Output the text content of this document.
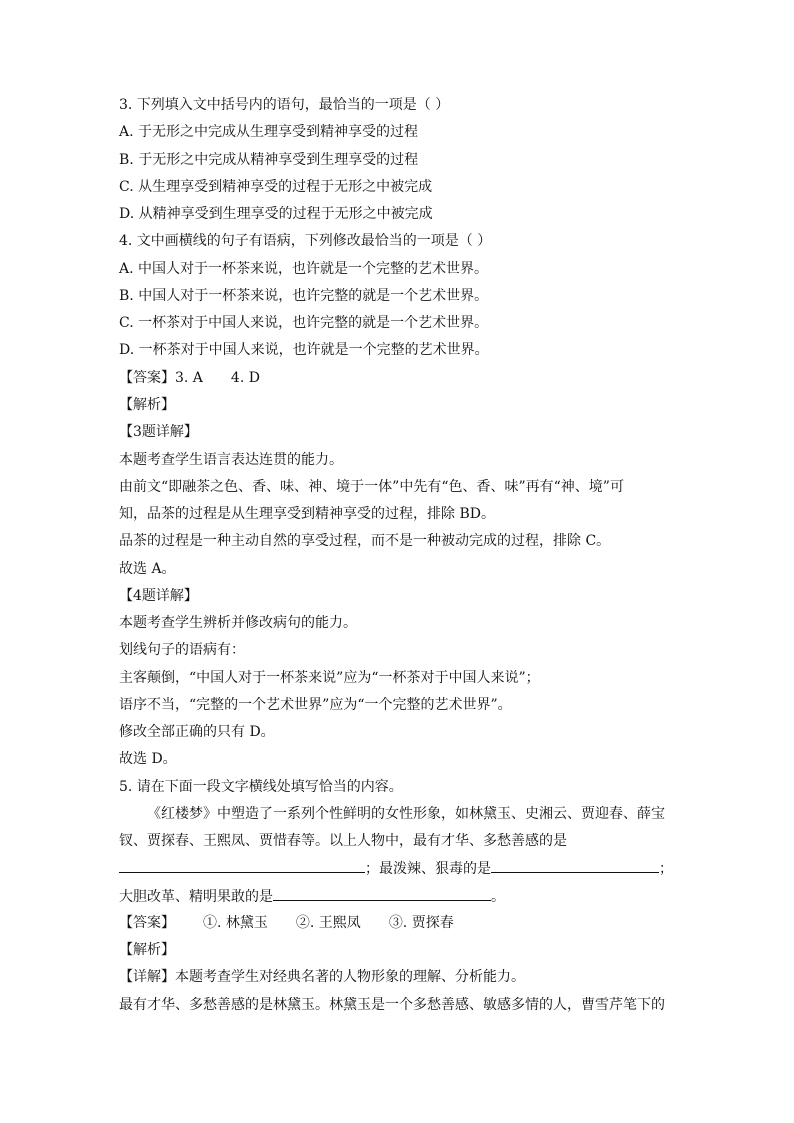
3. 下列填入文中括号内的语句，最恰当的一项是（ ）
A. 于无形之中完成从生理享受到精神享受的过程
B. 于无形之中完成从精神享受到生理享受的过程
C. 从生理享受到精神享受的过程于无形之中被完成
D. 从精神享受到生理享受的过程于无形之中被完成
4. 文中画横线的句子有语病，下列修改最恰当的一项是（ ）
A. 中国人对于一杯茶来说，也许就是一个完整的艺术世界。
B. 中国人对于一杯茶来说，也许完整的就是一个艺术世界。
C. 一杯茶对于中国人来说，也许完整的就是一个艺术世界。
D. 一杯茶对于中国人来说，也许就是一个完整的艺术世界。
【答案】3. A 4. D
【解析】
【3题详解】
本题考查学生语言表达连贯的能力。
由前文“即融茶之色、香、味、神、境于一体”中先有“色、香、味”再有“神、境”可
知，品茶的过程是从生理享受到精神享受的过程，排除 BD。
品茶的过程是一种主动自然的享受过程，而不是一种被动完成的过程，排除 C。
故选 A。
【4题详解】
本题考查学生辨析并修改病句的能力。
划线句子的语病有：
主客颠倒，“中国人对于一杯茶来说”应为“一杯茶对于中国人来说”；
语序不当，“完整的一个艺术世界”应为“一个完整的艺术世界”。
修改全部正确的只有 D。
故选 D。
5. 请在下面一段文字横线处填写恰当的内容。
《红楼梦》中塑造了一系列个性鲜明的女性形象，如林黛玉、史湘云、贾迎春、薛宝
钗、贾探春、王熙凤、贾惜春等。以上人物中，最有才华、多愁善感的是
；最泼辣、狠毒的是	；
大胆改革、精明果敢的是	。
【答案】 ①. 林黛玉 ②. 王熙凤 ③. 贾探春
【解析】
【详解】本题考查学生对经典名著的人物形象的理解、分析能力。
最有才华、多愁善感的是林黛玉。林黛玉是一个多愁善感、敏感多情的人，曹雪芹笔下的
